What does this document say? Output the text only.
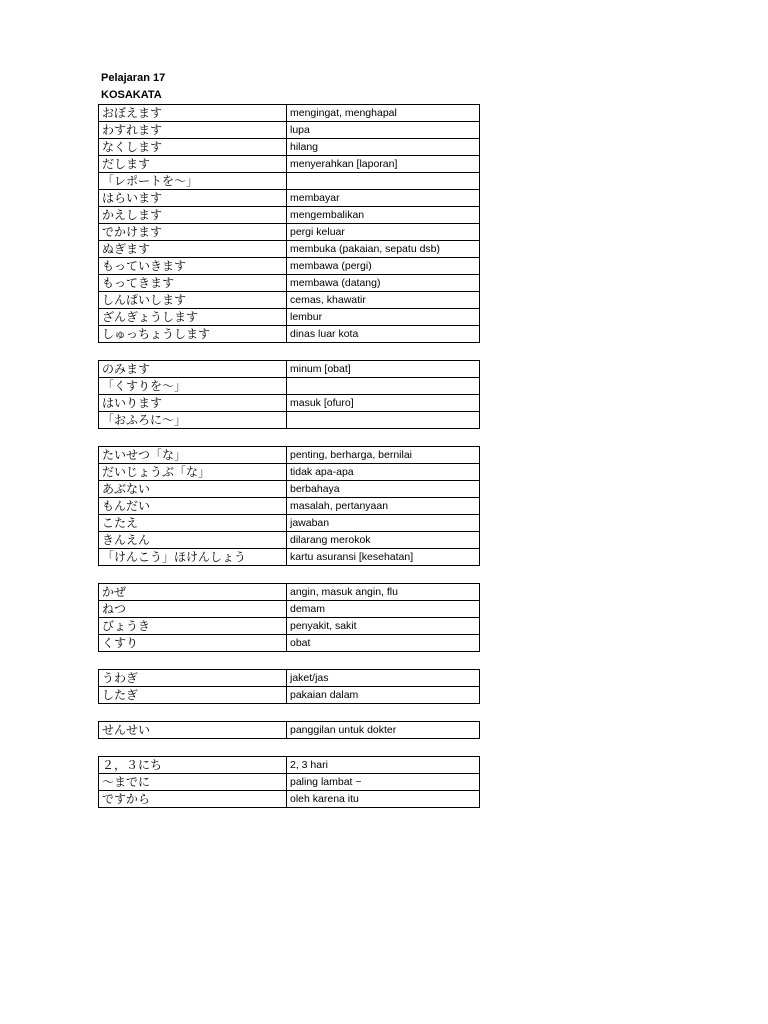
Pelajaran 17
KOSAKATA
おぼえます	mengingat, menghapal
わすれます	lupa
なくします	hilang
だします	menyerahkan [laporan]
「レポートを～」	
はらいます	membayar
かえします	mengembalikan
でかけます	pergi keluar
ぬぎます	membuka (pakaian, sepatu dsb)
もっていきます	membawa (pergi)
もってきます	membawa (datang)
しんぱいします	cemas, khawatir
ざんぎょうします	lembur
しゅっちょうします	dinas luar kota
のみます	minum [obat]
「くすりを～」	
はいります	masuk [ofuro]
「おふろに～」	
たいせつ「な」	penting, berharga, bernilai
だいじょうぶ「な」	tidak apa-apa
あぶない	berbahaya
もんだい	masalah, pertanyaan
こたえ	jawaban
きんえん	dilarang merokok
「けんこう」ほけんしょう	kartu asuransi [kesehatan]
かぜ	angin, masuk angin, flu
ねつ	demam
びょうき	penyakit, sakit
くすり	obat
うわぎ	jaket/jas
したぎ	pakaian dalam
せんせい	panggilan untuk dokter
２，３にち	2, 3 hari
～までに	paling lambat ~
ですから	oleh karena itu
